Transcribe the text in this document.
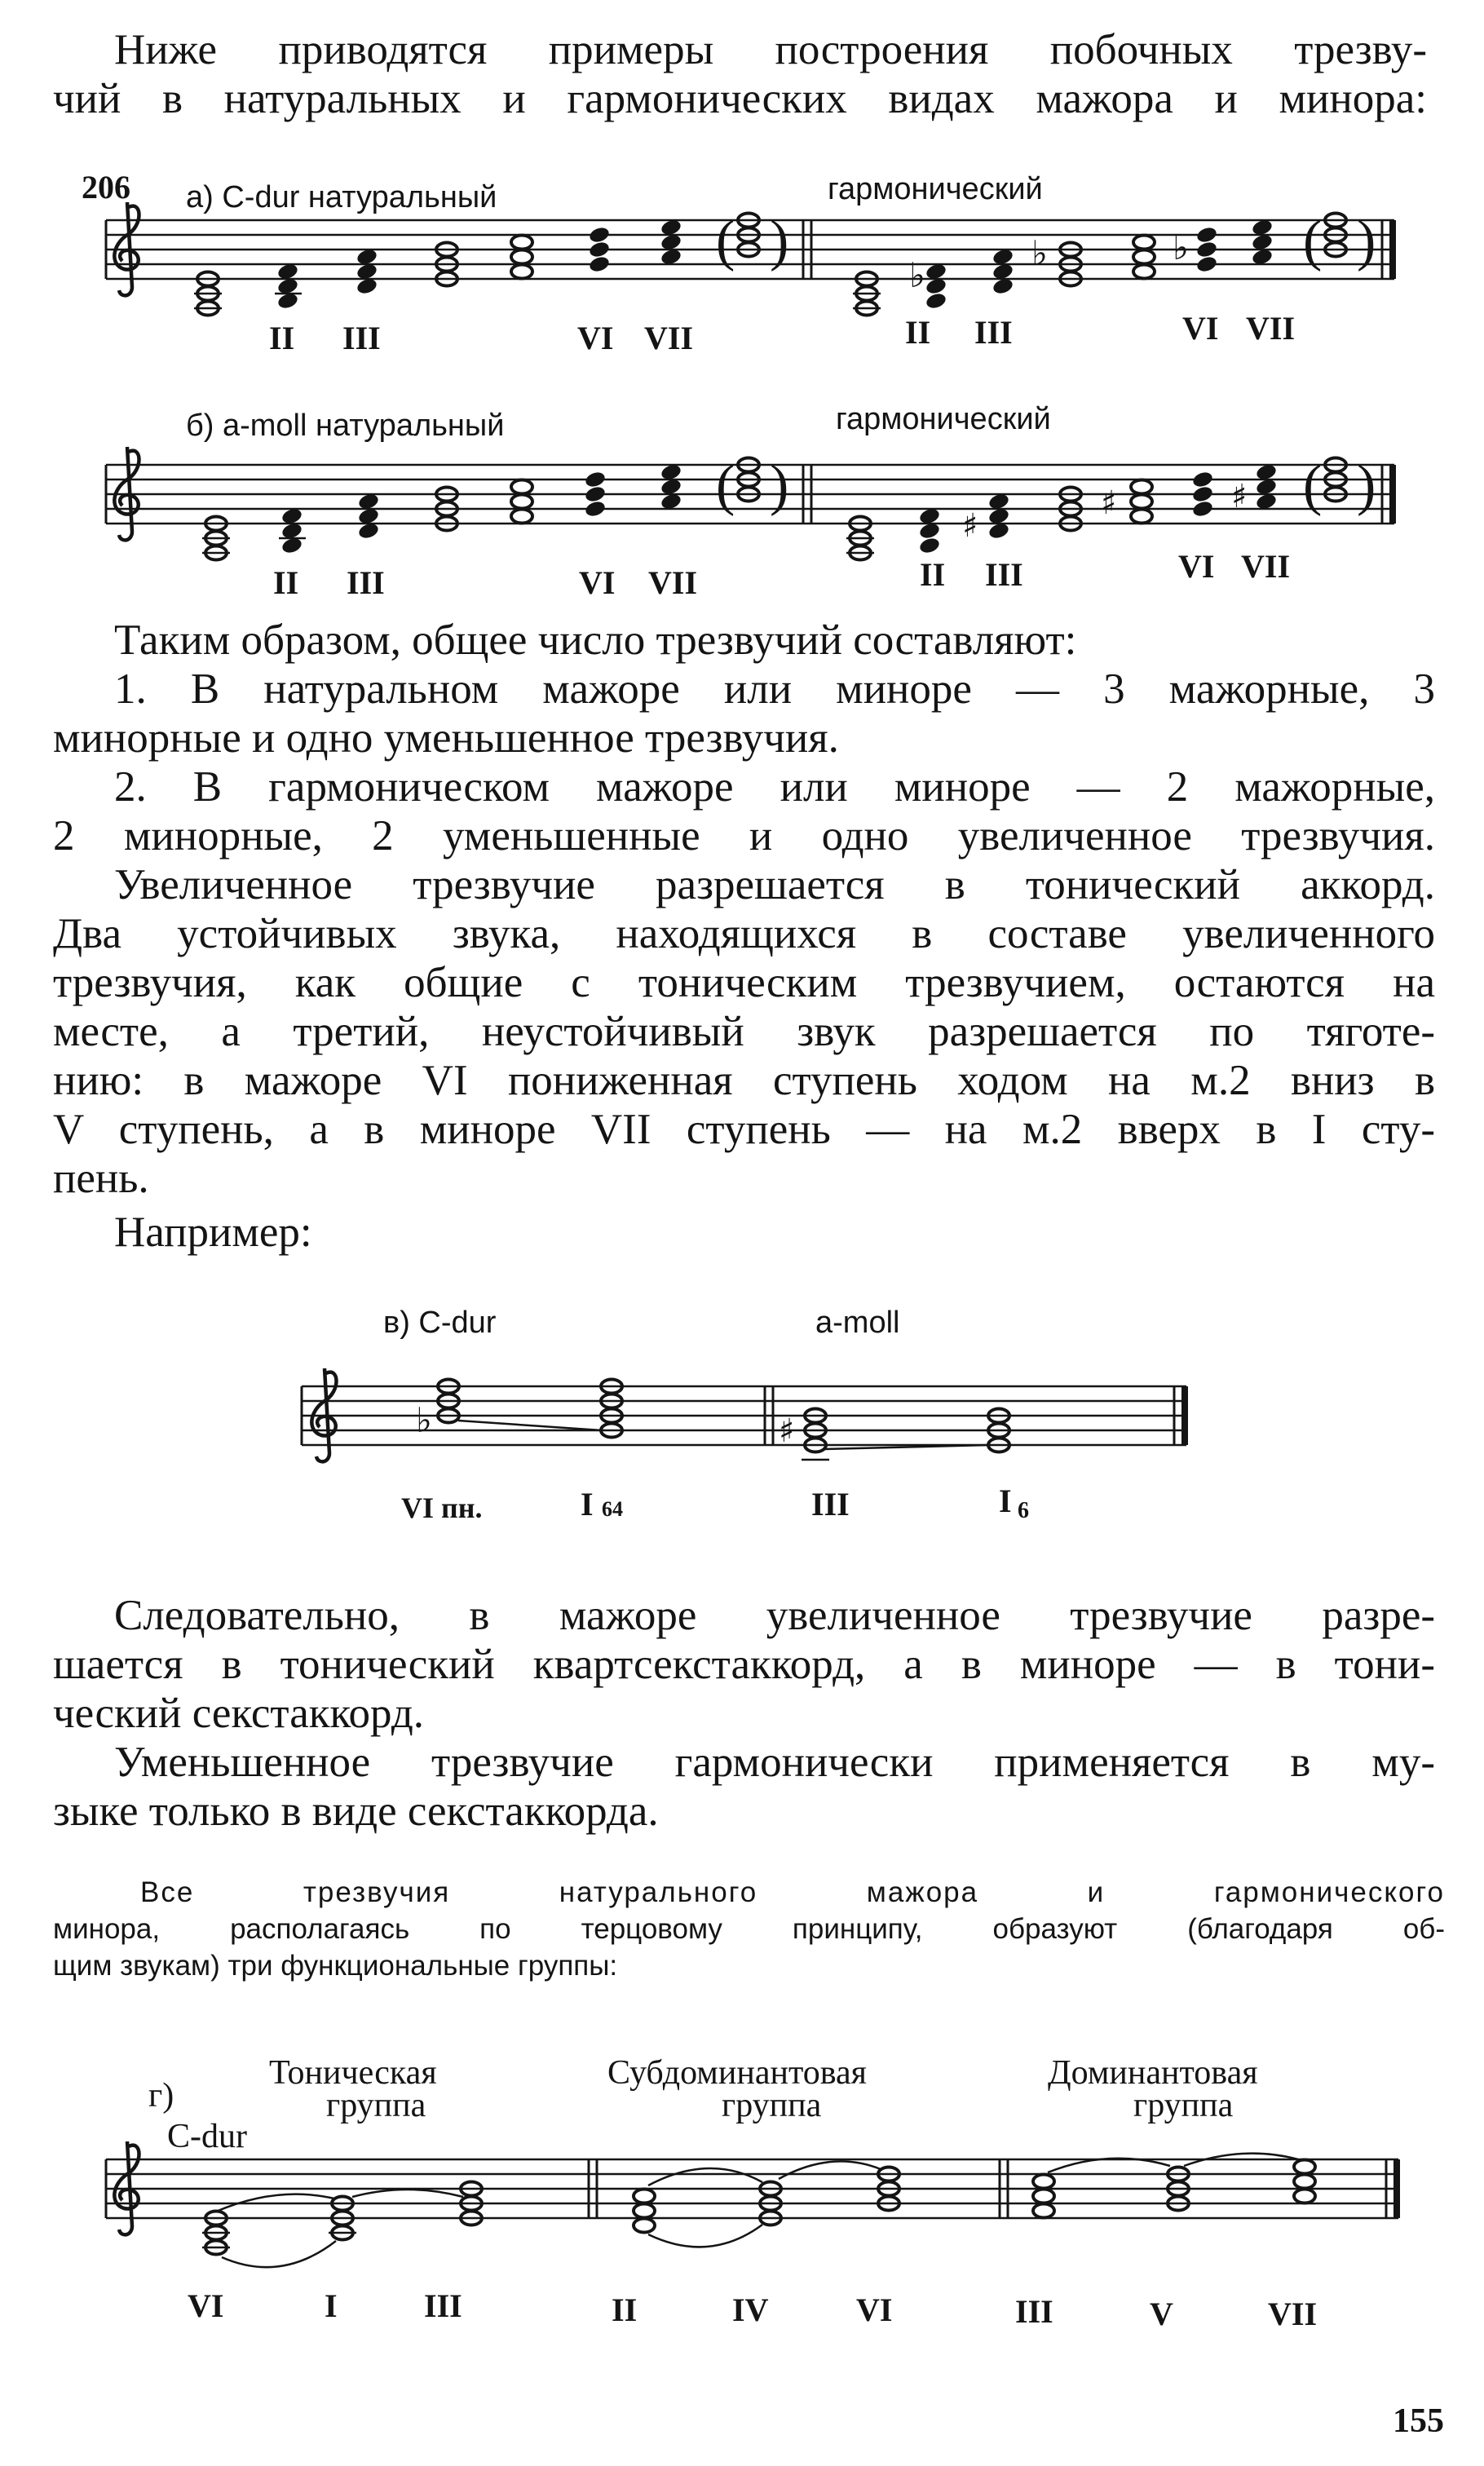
Ниже приводятся примеры построения побочных трезву-
чий в натуральных и гармонических видах мажора и минора:
206 а) C-dur натуральный	гармонический
( )
♭
♭	♭ ( )
( )
♯
♯	♯ ( )
♭	♯
II III	VI VII	II III	VI VII
б) a-moll натуральный	гармонический
II III	VI VII	II III	VI VII
Таким образом, общее число трезвучий составляют:
1. В натуральном мажоре или миноре — 3 мажорные, 3
минорные и одно уменьшенное трезвучия.
2. В гармоническом мажоре или миноре — 2 мажорные,
2 минорные, 2 уменьшенные и одно увеличенное трезвучия.
Увеличенное трезвучие разрешается в тонический аккорд.
Два устойчивых звука, находящихся в составе увеличенного
трезвучия, как общие с тоническим трезвучием, остаются на
месте, а третий, неустойчивый звук разрешается по тяготе-
нию: в мажоре VI пониженная ступень ходом на м.2 вниз в
V ступень, а в миноре VII ступень — на м.2 вверх в I сту-
пень.
Например:
в) C-dur	a-moll
VI пн.	I 64	III	I 6
Следовательно, в мажоре увеличенное трезвучие разре-
шается в тонический квартсекстаккорд, а в миноре — в тони-
ческий секстаккорд.
Уменьшенное трезвучие гармонически применяется в му-
зыке только в виде секстаккорда.
Все трезвучия натурального мажора и гармонического
минора, располагаясь по терцовому принципу, образуют (благодаря об-
щим звукам) три функциональные группы:
г)
C-dur
Тоническая
группа
Субдоминантовая
группа
Доминантовая
группа
VI	I	III	II	IV	VI	III	V	VII
155
